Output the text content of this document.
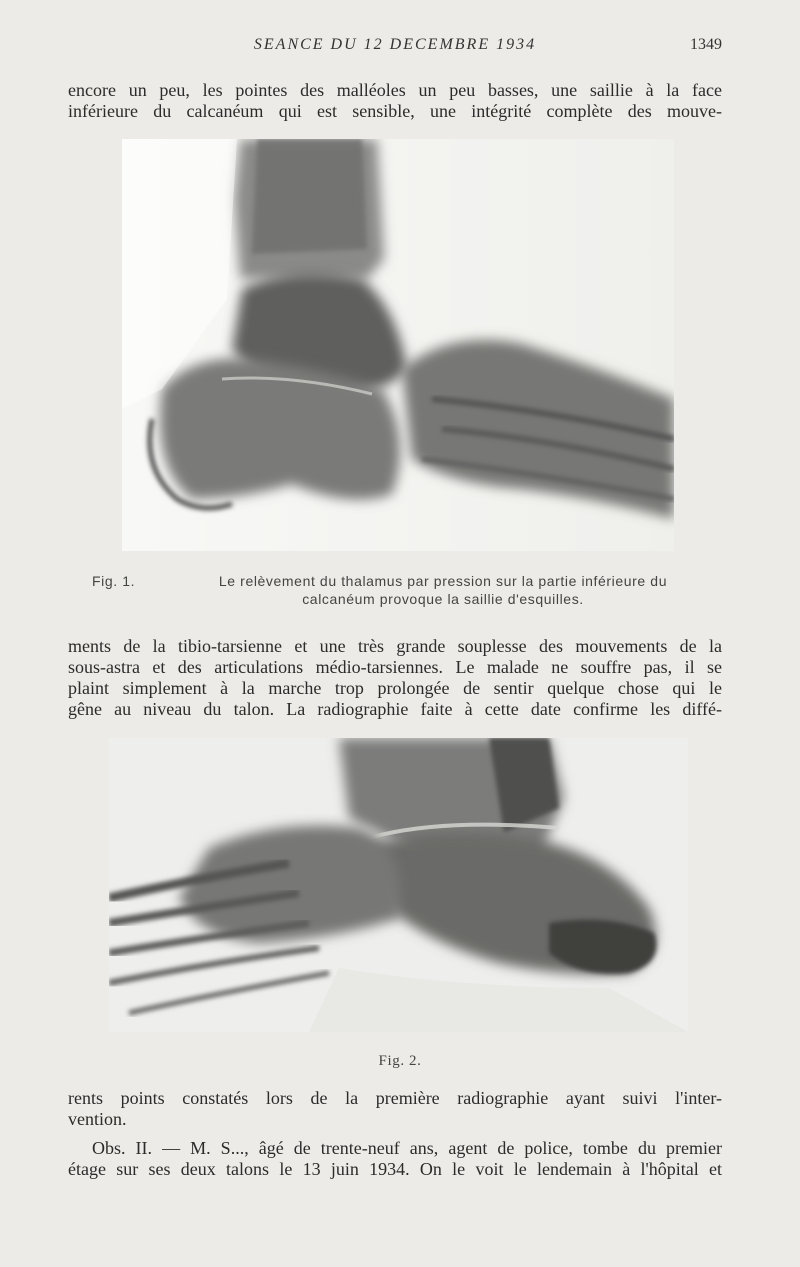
SEANCE DU 12 DECEMBRE 1934	1349
encore un peu, les pointes des malléoles un peu basses, une saillie à la face
inférieure du calcanéum qui est sensible, une intégrité complète des mouve-
Fig. 1.	Le relèvement du thalamus par pression sur la partie inférieure du
calcanéum provoque la saillie d'esquilles.
ments de la tibio-tarsienne et une très grande souplesse des mouvements de la
sous-astra et des articulations médio-tarsiennes. Le malade ne souffre pas, il se
plaint simplement à la marche trop prolongée de sentir quelque chose qui le
gêne au niveau du talon. La radiographie faite à cette date confirme les diffé-
Fig. 2.
rents points constatés lors de la première radiographie ayant suivi l'inter-
vention.
Obs. II. — M. S..., âgé de trente-neuf ans, agent de police, tombe du premier
étage sur ses deux talons le 13 juin 1934. On le voit le lendemain à l'hôpital et
